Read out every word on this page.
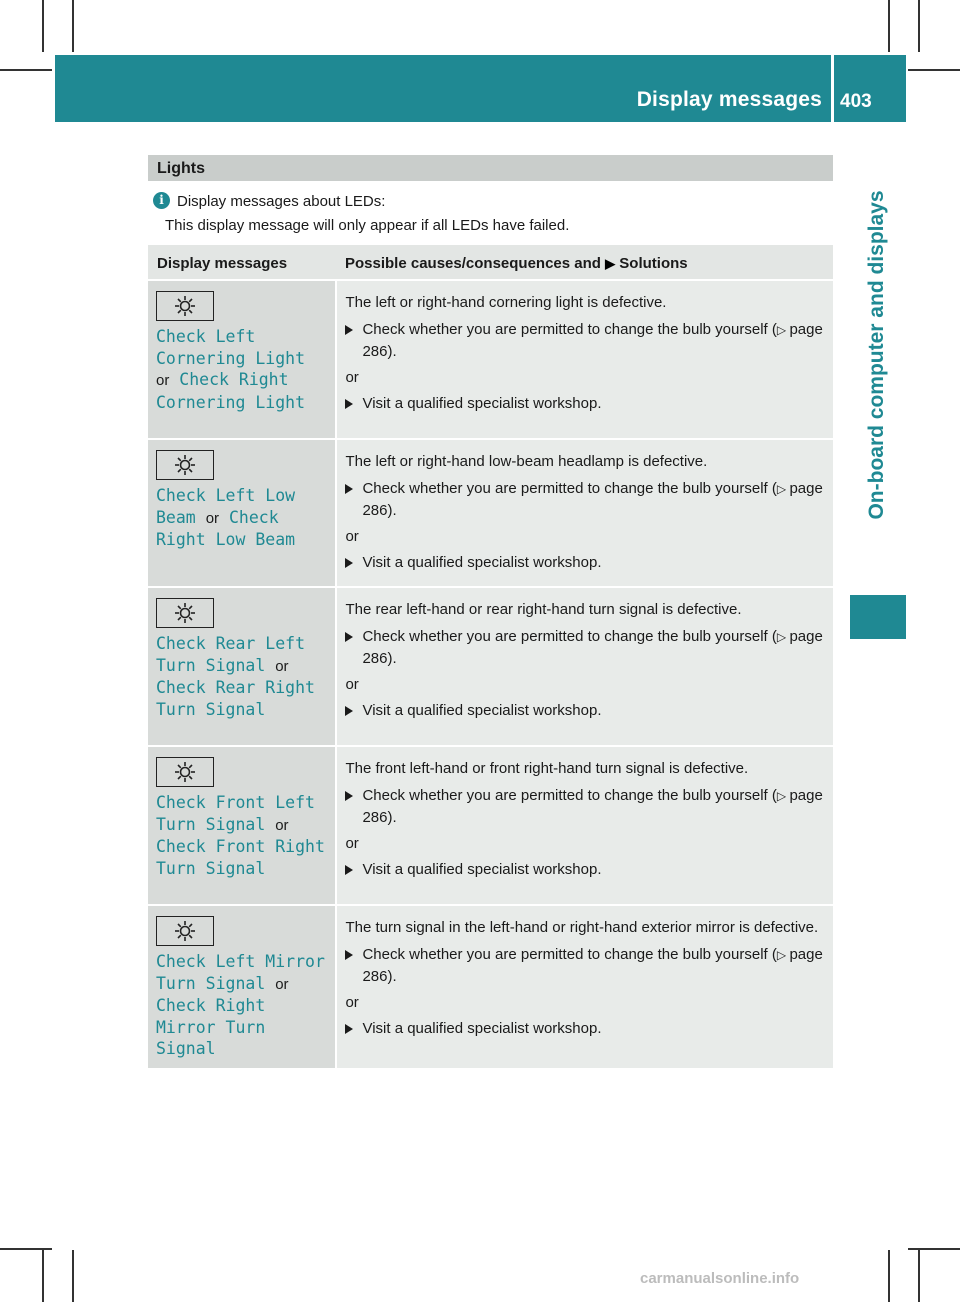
Display messages 403
On-board computer and displays
Lights
i Display messages about LEDs:
This display message will only appear if all LEDs have failed.
Display messages	Possible causes/consequences and ▶ Solutions
Check Left Cornering Light or Check Right Cornering Light
The left or right-hand cornering light is defective.
Check whether you are permitted to change the bulb yourself (▷ page 286).
or
Visit a qualified specialist workshop.
Check Left Low Beam or Check Right Low Beam
The left or right-hand low-beam headlamp is defective.
Check whether you are permitted to change the bulb yourself (▷ page 286).
or
Visit a qualified specialist workshop.
Check Rear Left Turn Signal or Check Rear Right Turn Signal
The rear left-hand or rear right-hand turn signal is defective.
Check whether you are permitted to change the bulb yourself (▷ page 286).
or
Visit a qualified specialist workshop.
Check Front Left Turn Signal or Check Front Right Turn Signal
The front left-hand or front right-hand turn signal is defective.
Check whether you are permitted to change the bulb yourself (▷ page 286).
or
Visit a qualified specialist workshop.
Check Left Mirror Turn Signal or Check Right Mirror Turn Signal
The turn signal in the left-hand or right-hand exterior mirror is defective.
Check whether you are permitted to change the bulb yourself (▷ page 286).
or
Visit a qualified specialist workshop.
carmanualsonline.info
